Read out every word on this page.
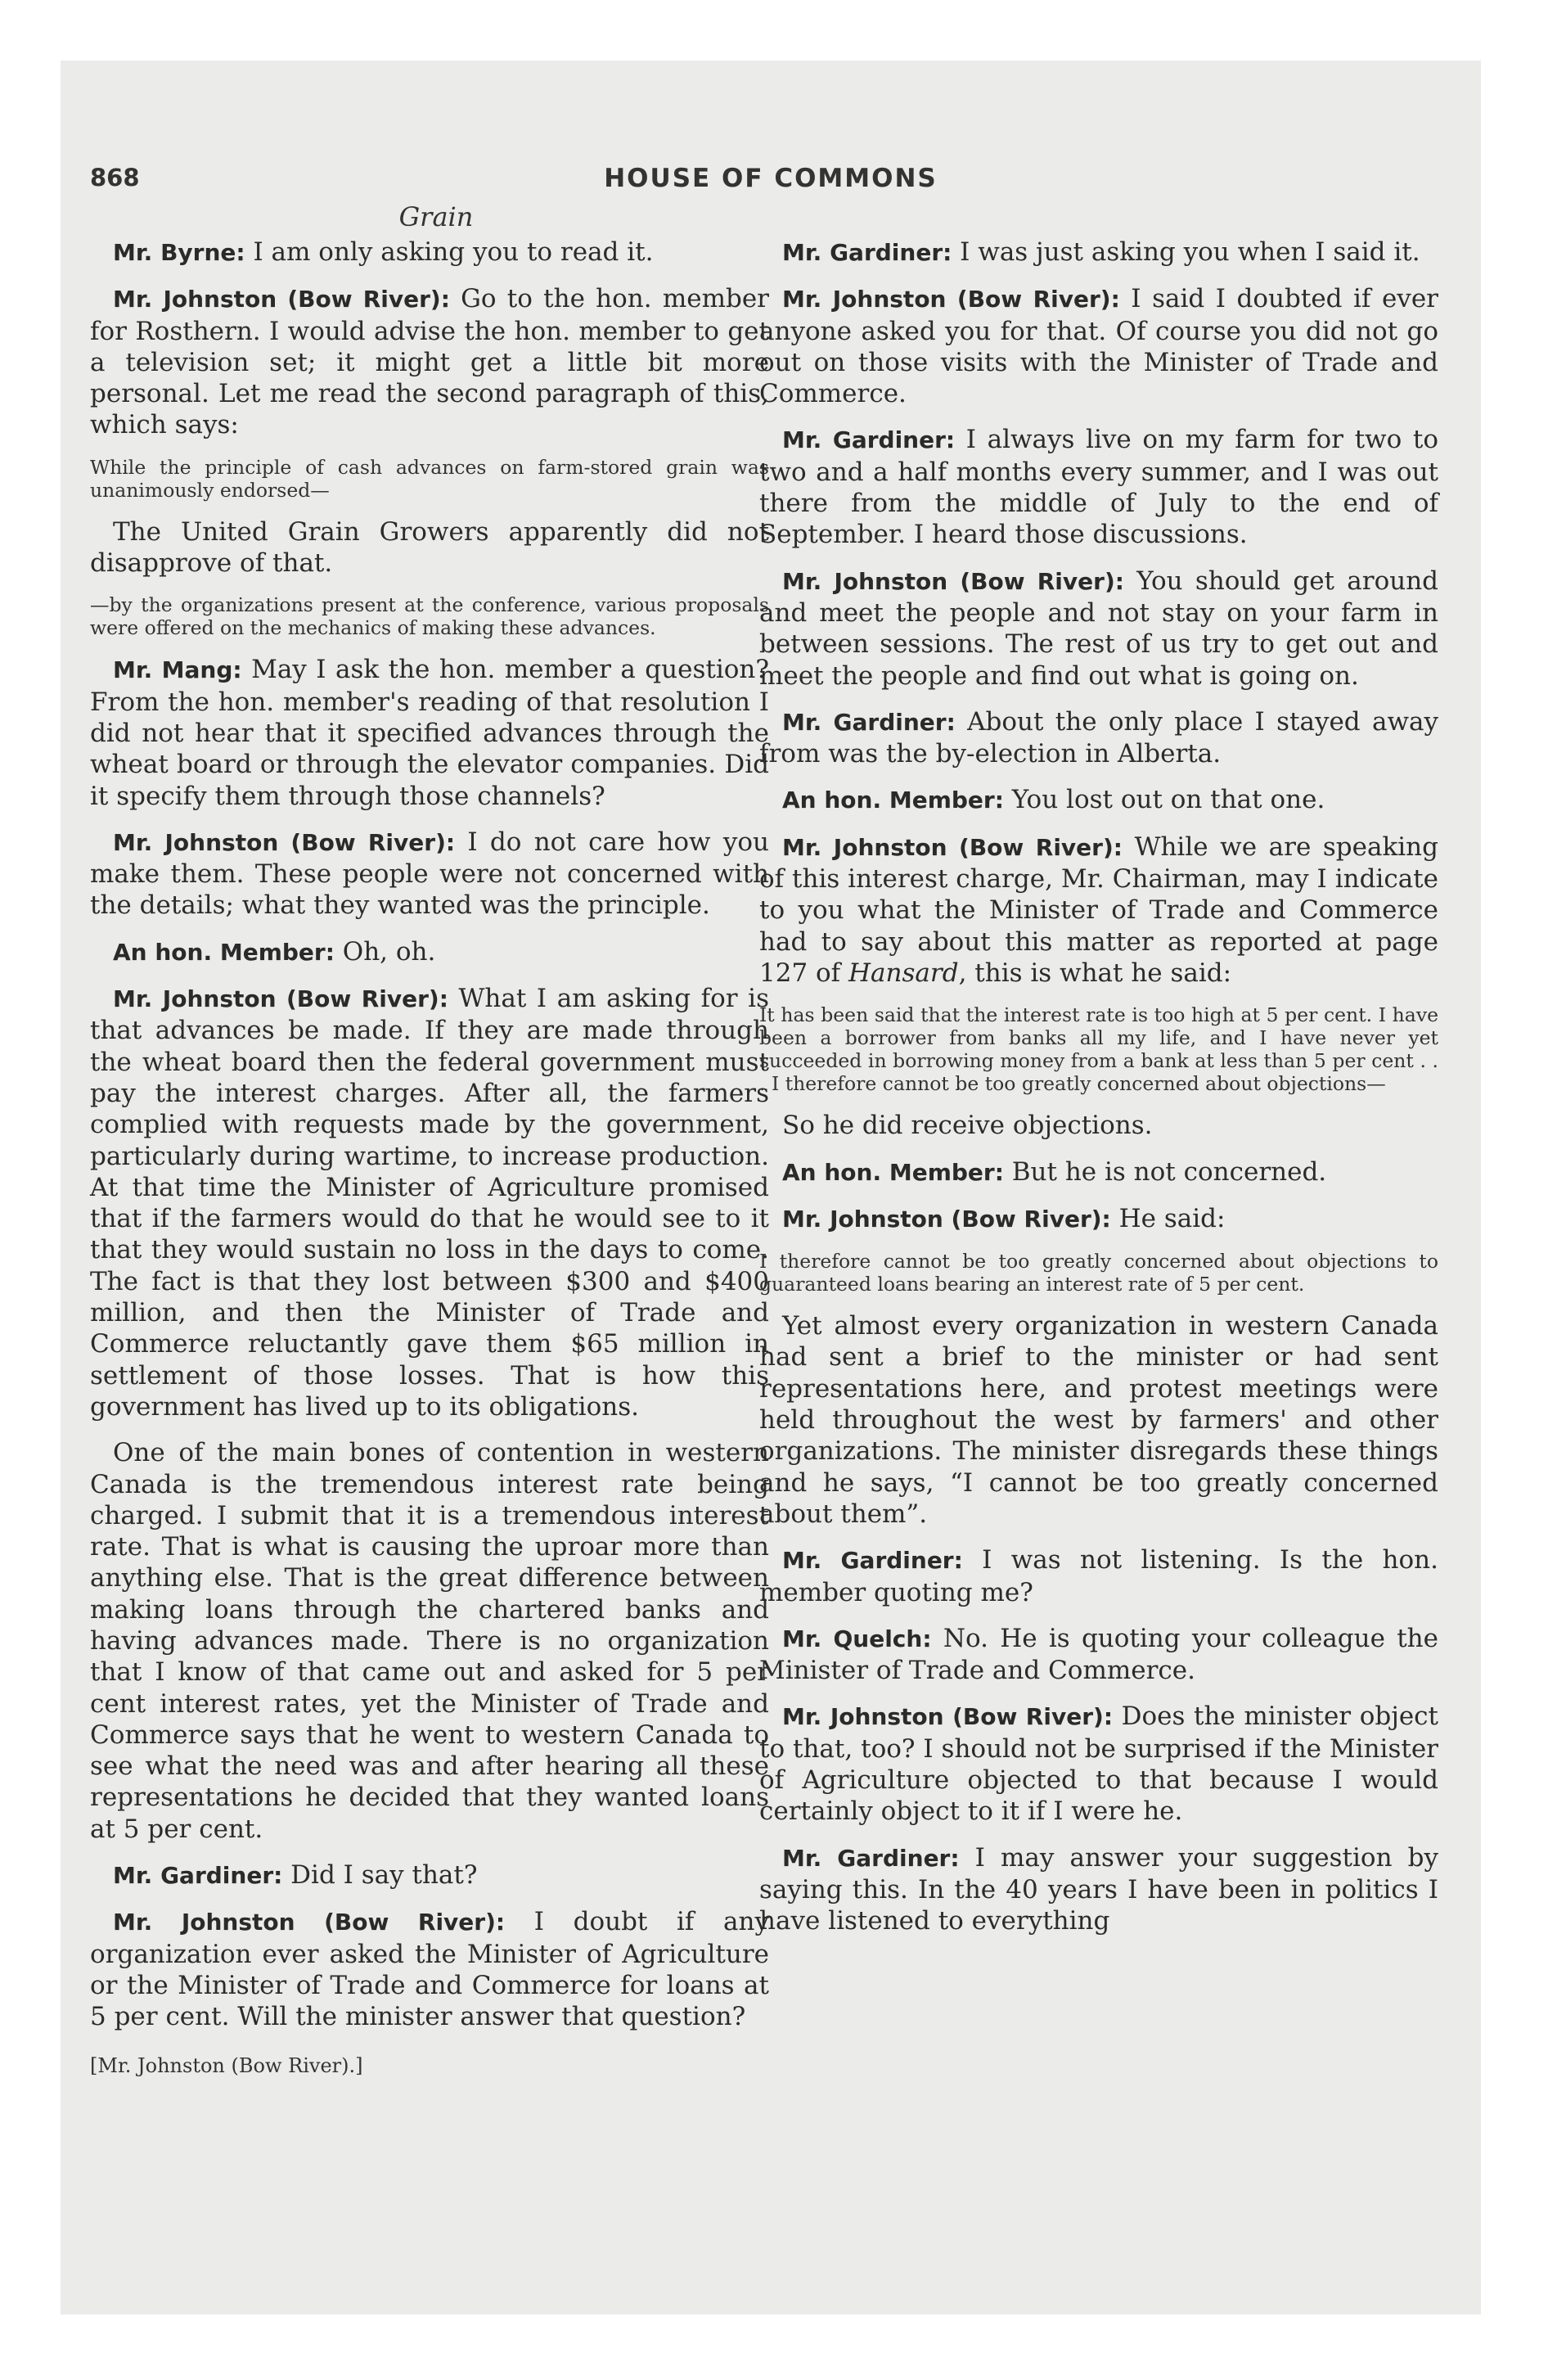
868	HOUSE OF COMMONS
Grain

Mr. Byrne: I am only asking you to read it.

Mr. Johnston (Bow River): Go to the hon. member for Rosthern. I would advise the hon. member to get a television set; it might get a little bit more personal. Let me read the second paragraph of this, which says:

While the principle of cash advances on farm-stored grain was unanimously endorsed—

The United Grain Growers apparently did not disapprove of that.

—by the organizations present at the conference, various proposals were offered on the mechanics of making these advances.

Mr. Mang: May I ask the hon. member a question? From the hon. member's reading of that resolution I did not hear that it specified advances through the wheat board or through the elevator companies. Did it specify them through those channels?

Mr. Johnston (Bow River): I do not care how you make them. These people were not concerned with the details; what they wanted was the principle.

An hon. Member: Oh, oh.

Mr. Johnston (Bow River): What I am asking for is that advances be made. If they are made through the wheat board then the federal government must pay the interest charges. After all, the farmers complied with requests made by the government, particularly during wartime, to increase production. At that time the Minister of Agriculture promised that if the farmers would do that he would see to it that they would sustain no loss in the days to come. The fact is that they lost between $300 and $400 million, and then the Minister of Trade and Commerce reluctantly gave them $65 million in settlement of those losses. That is how this government has lived up to its obligations.

One of the main bones of contention in western Canada is the tremendous interest rate being charged. I submit that it is a tremendous interest rate. That is what is causing the uproar more than anything else. That is the great difference between making loans through the chartered banks and having advances made. There is no organization that I know of that came out and asked for 5 per cent interest rates, yet the Minister of Trade and Commerce says that he went to western Canada to see what the need was and after hearing all these representations he decided that they wanted loans at 5 per cent.

Mr. Gardiner: Did I say that?

Mr. Johnston (Bow River): I doubt if any organization ever asked the Minister of Agriculture or the Minister of Trade and Commerce for loans at 5 per cent. Will the minister answer that question?

[Mr. Johnston (Bow River).]

Mr. Gardiner: I was just asking you when I said it.

Mr. Johnston (Bow River): I said I doubted if ever anyone asked you for that. Of course you did not go out on those visits with the Minister of Trade and Commerce.

Mr. Gardiner: I always live on my farm for two to two and a half months every summer, and I was out there from the middle of July to the end of September. I heard those discussions.

Mr. Johnston (Bow River): You should get around and meet the people and not stay on your farm in between sessions. The rest of us try to get out and meet the people and find out what is going on.

Mr. Gardiner: About the only place I stayed away from was the by-election in Alberta.

An hon. Member: You lost out on that one.

Mr. Johnston (Bow River): While we are speaking of this interest charge, Mr. Chairman, may I indicate to you what the Minister of Trade and Commerce had to say about this matter as reported at page 127 of Hansard, this is what he said:

It has been said that the interest rate is too high at 5 per cent. I have been a borrower from banks all my life, and I have never yet succeeded in borrowing money from a bank at less than 5 per cent . . . I therefore cannot be too greatly concerned about objections—

So he did receive objections.

An hon. Member: But he is not concerned.

Mr. Johnston (Bow River): He said:

I therefore cannot be too greatly concerned about objections to guaranteed loans bearing an interest rate of 5 per cent.

Yet almost every organization in western Canada had sent a brief to the minister or had sent representations here, and protest meetings were held throughout the west by farmers' and other organizations. The minister disregards these things and he says, “I cannot be too greatly concerned about them”.

Mr. Gardiner: I was not listening. Is the hon. member quoting me?

Mr. Quelch: No. He is quoting your colleague the Minister of Trade and Commerce.

Mr. Johnston (Bow River): Does the minister object to that, too? I should not be surprised if the Minister of Agriculture objected to that because I would certainly object to it if I were he.

Mr. Gardiner: I may answer your suggestion by saying this. In the 40 years I have been in politics I have listened to everything
